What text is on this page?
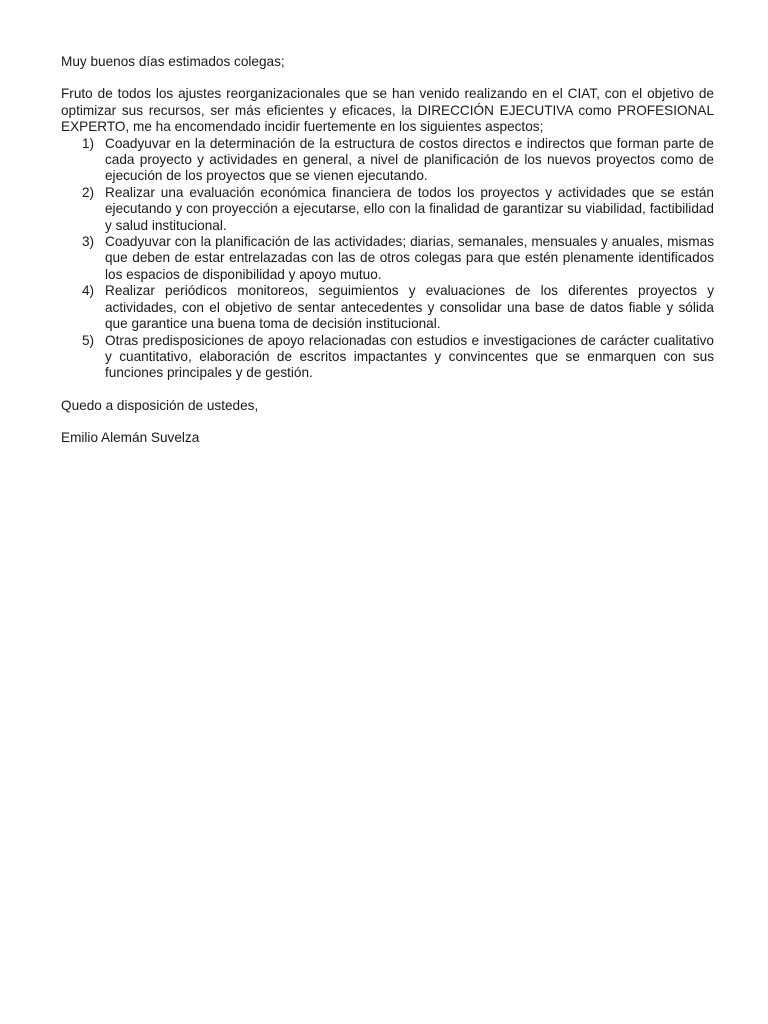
Muy buenos días estimados colegas;

Fruto de todos los ajustes reorganizacionales que se han venido realizando en el CIAT, con el objetivo de optimizar sus recursos, ser más eficientes y eficaces, la DIRECCIÓN EJECUTIVA como PROFESIONAL EXPERTO, me ha encomendado incidir fuertemente en los siguientes aspectos;

1) Coadyuvar en la determinación de la estructura de costos directos e indirectos que forman parte de cada proyecto y actividades en general, a nivel de planificación de los nuevos proyectos como de ejecución de los proyectos que se vienen ejecutando.
2) Realizar una evaluación económica financiera de todos los proyectos y actividades que se están ejecutando y con proyección a ejecutarse, ello con la finalidad de garantizar su viabilidad, factibilidad y salud institucional.
3) Coadyuvar con la planificación de las actividades; diarias, semanales, mensuales y anuales, mismas que deben de estar entrelazadas con las de otros colegas para que estén plenamente identificados los espacios de disponibilidad y apoyo mutuo.
4) Realizar periódicos monitoreos, seguimientos y evaluaciones de los diferentes proyectos y actividades, con el objetivo de sentar antecedentes y consolidar una base de datos fiable y sólida que garantice una buena toma de decisión institucional.
5) Otras predisposiciones de apoyo relacionadas con estudios e investigaciones de carácter cualitativo y cuantitativo, elaboración de escritos impactantes y convincentes que se enmarquen con sus funciones principales y de gestión.

Quedo a disposición de ustedes,

Emilio Alemán Suvelza
